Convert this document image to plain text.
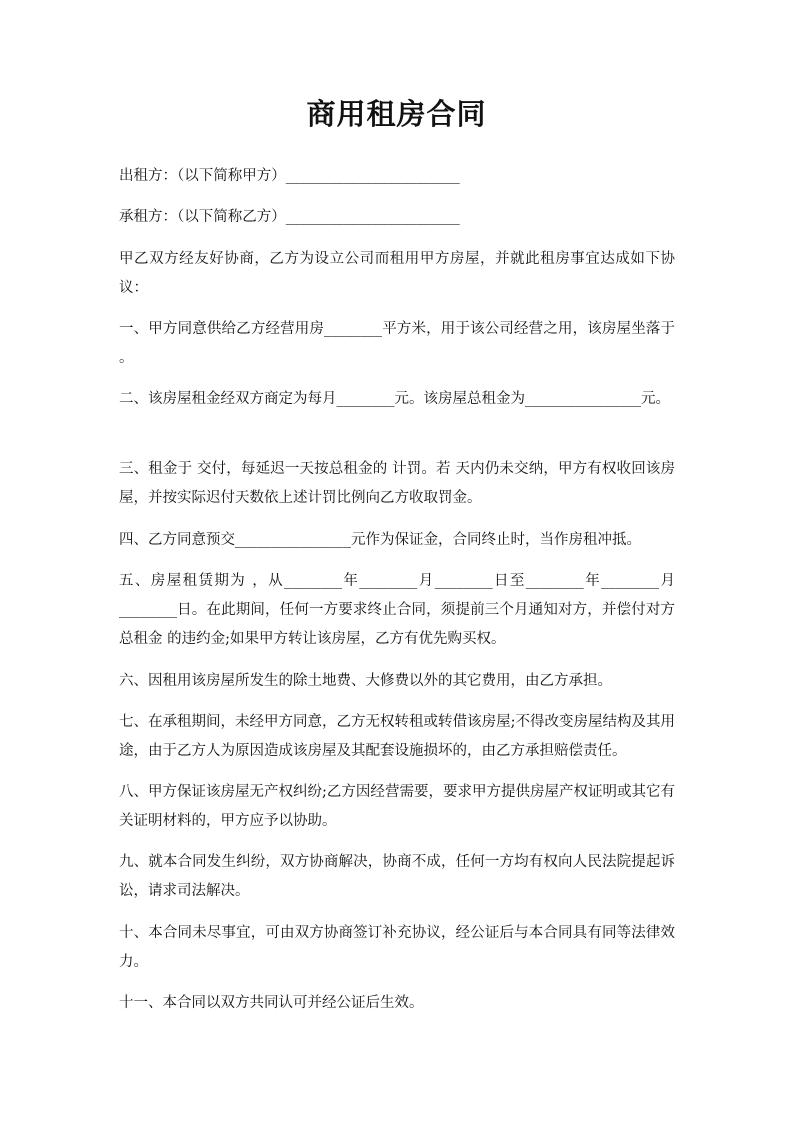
商用租房合同

出租方：（以下简称甲方）________________________

承租方：（以下简称乙方）________________________

甲乙双方经友好协商，乙方为设立公司而租用甲方房屋，并就此租房事宜达成如下协议：

一、甲方同意供给乙方经营用房________平方米，用于该公司经营之用，该房屋坐落于 。

二、该房屋租金经双方商定为每月________元。该房屋总租金为________________元。

三、租金于 交付，每延迟一天按总租金的 计罚。若 天内仍未交纳，甲方有权收回该房屋，并按实际迟付天数依上述计罚比例向乙方收取罚金。

四、乙方同意预交________________元作为保证金，合同终止时，当作房租冲抵。

五、房屋租赁期为 ，从________年________月________日至________年________月________日。在此期间，任何一方要求终止合同，须提前三个月通知对方，并偿付对方总租金 的违约金;如果甲方转让该房屋，乙方有优先购买权。

六、因租用该房屋所发生的除土地费、大修费以外的其它费用，由乙方承担。

七、在承租期间，未经甲方同意，乙方无权转租或转借该房屋;不得改变房屋结构及其用途，由于乙方人为原因造成该房屋及其配套设施损坏的，由乙方承担赔偿责任。

八、甲方保证该房屋无产权纠纷;乙方因经营需要，要求甲方提供房屋产权证明或其它有关证明材料的，甲方应予以协助。

九、就本合同发生纠纷，双方协商解决，协商不成，任何一方均有权向人民法院提起诉讼，请求司法解决。

十、本合同未尽事宜，可由双方协商签订补充协议，经公证后与本合同具有同等法律效力。

十一、本合同以双方共同认可并经公证后生效。
